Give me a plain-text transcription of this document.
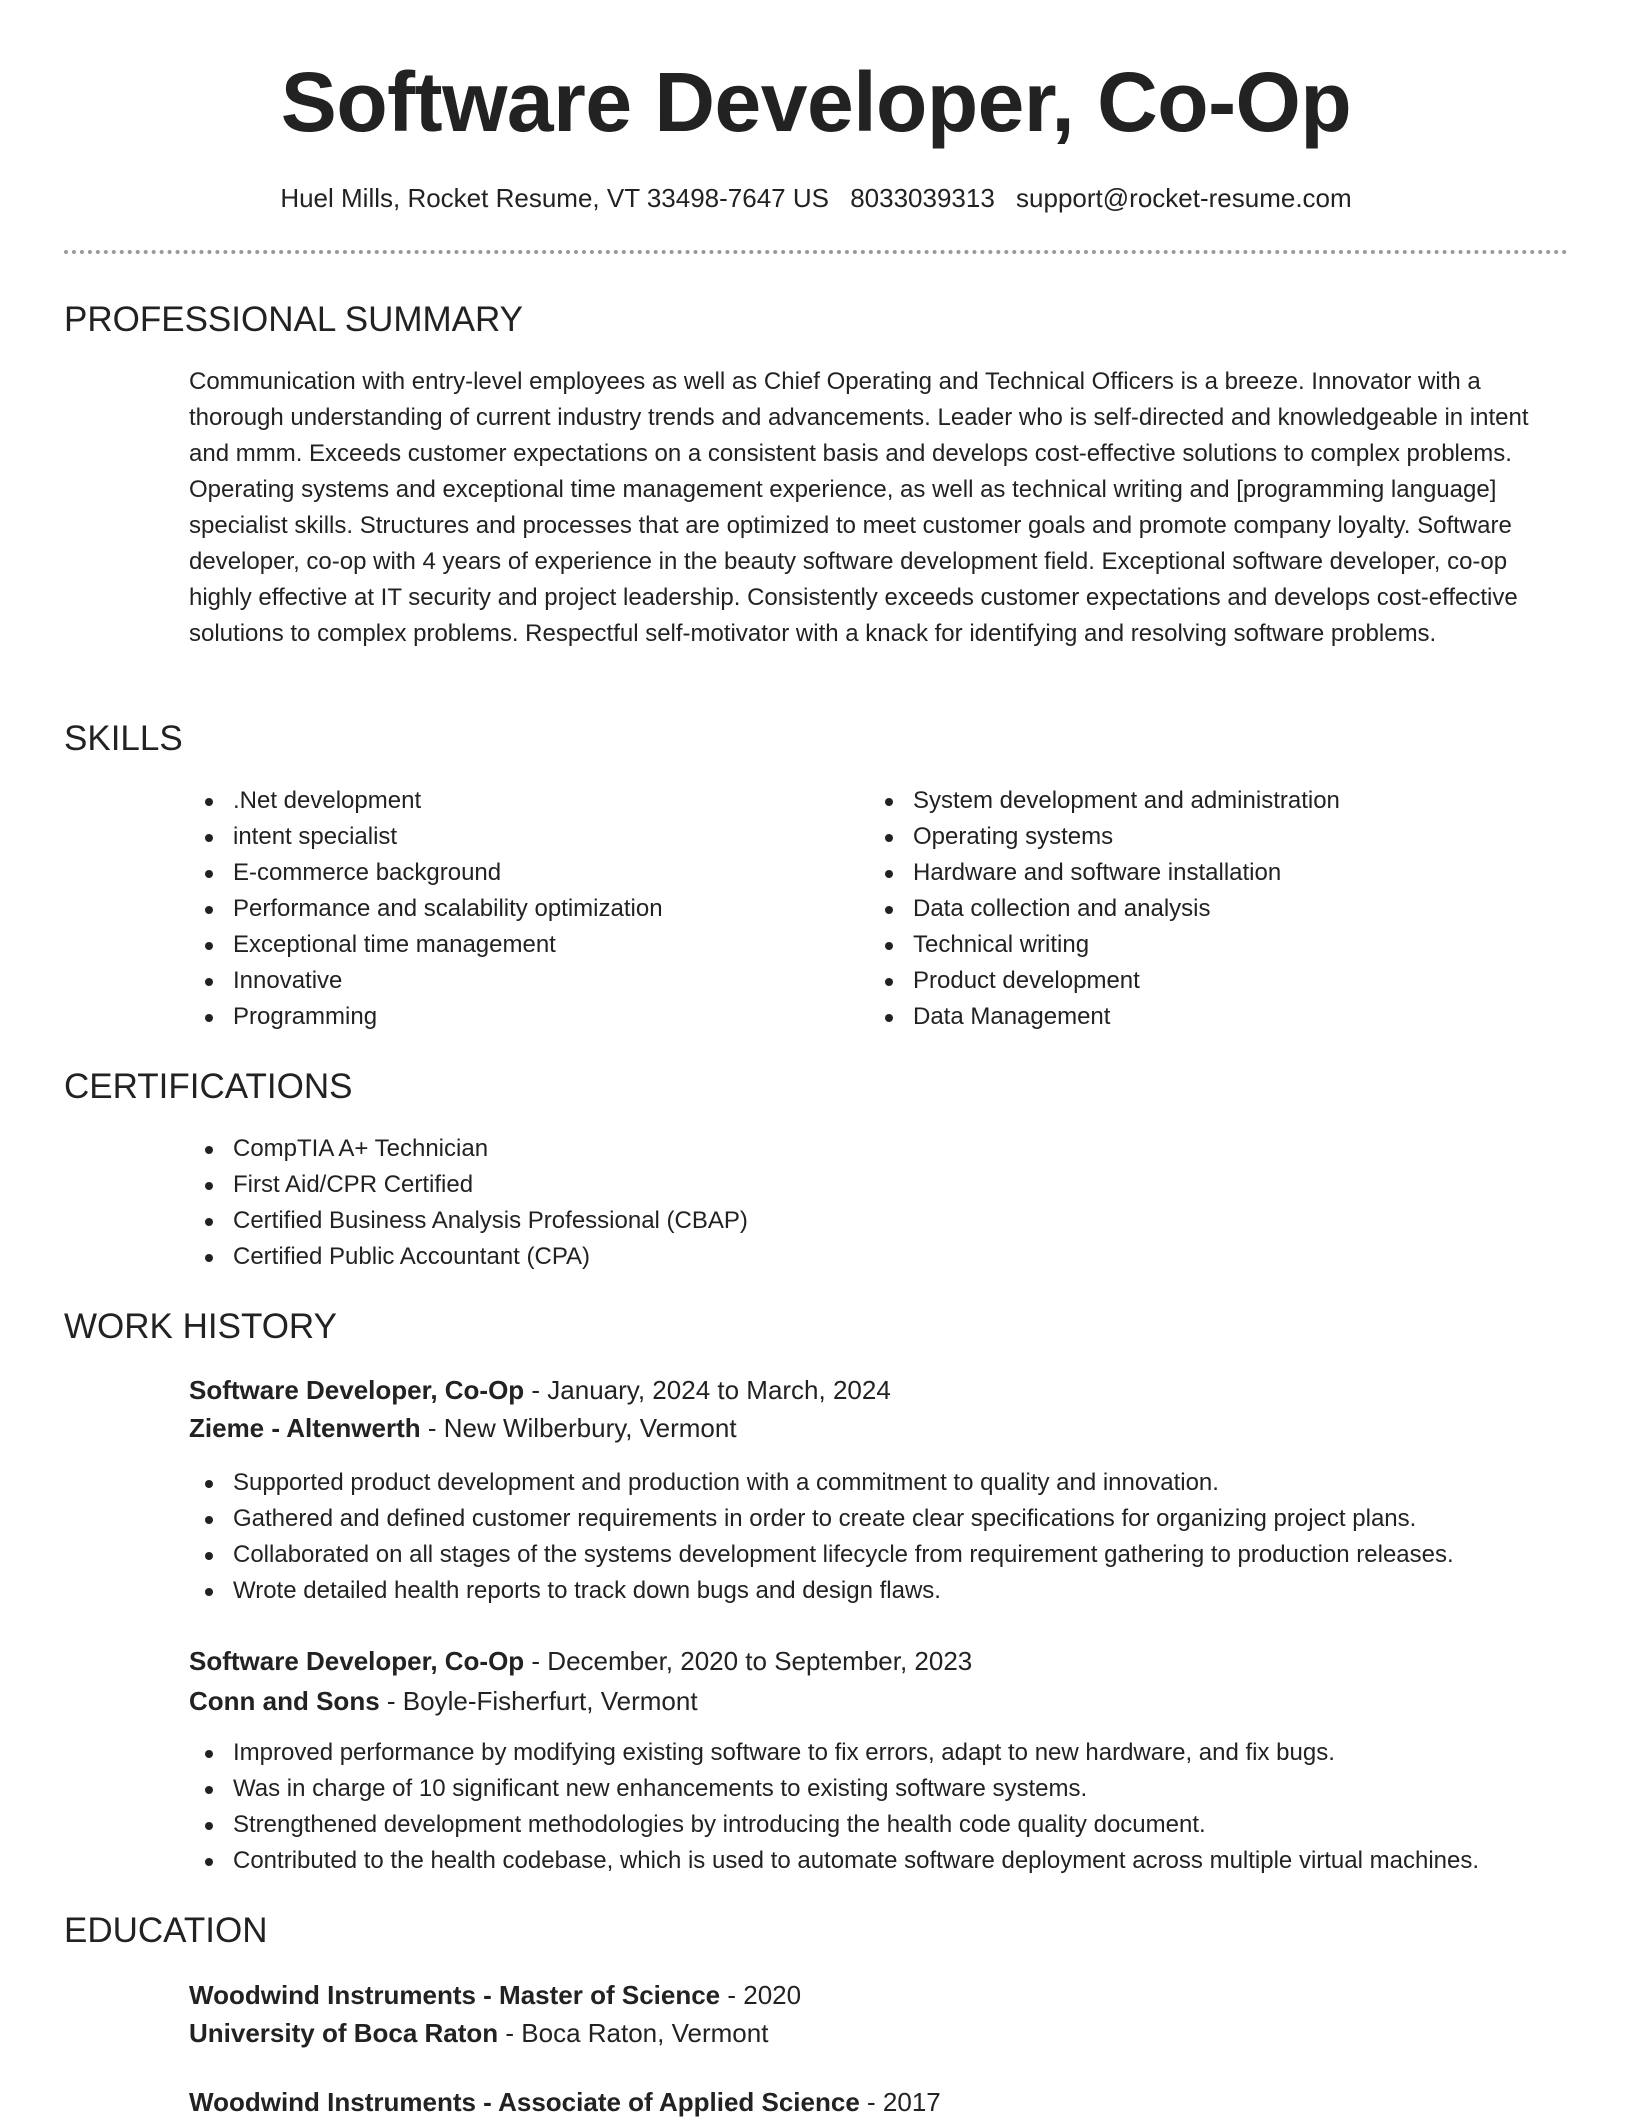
Software Developer, Co-Op
Huel Mills, Rocket Resume, VT 33498-7647 US 8033039313 support@rocket-resume.com
PROFESSIONAL SUMMARY

Communication with entry-level employees as well as Chief Operating and Technical Officers is a breeze. Innovator with a thorough understanding of current industry trends and advancements. Leader who is self-directed and knowledgeable in intent and mmm. Exceeds customer expectations on a consistent basis and develops cost-effective solutions to complex problems. Operating systems and exceptional time management experience, as well as technical writing and [programming language] specialist skills. Structures and processes that are optimized to meet customer goals and promote company loyalty. Software developer, co-op with 4 years of experience in the beauty software development field. Exceptional software developer, co-op highly effective at IT security and project leadership. Consistently exceeds customer expectations and develops cost-effective solutions to complex problems. Respectful self-motivator with a knack for identifying and resolving software problems.

SKILLS
.Net development
intent specialist
E-commerce background
Performance and scalability optimization
Exceptional time management
Innovative
Programming
System development and administration
Operating systems
Hardware and software installation
Data collection and analysis
Technical writing
Product development
Data Management
CERTIFICATIONS
CompTIA A+ Technician
First Aid/CPR Certified
Certified Business Analysis Professional (CBAP)
Certified Public Accountant (CPA)
WORK HISTORY
Software Developer, Co-Op - January, 2024 to March, 2024
Zieme - Altenwerth - New Wilberbury, Vermont
Supported product development and production with a commitment to quality and innovation.
Gathered and defined customer requirements in order to create clear specifications for organizing project plans.
Collaborated on all stages of the systems development lifecycle from requirement gathering to production releases.
Wrote detailed health reports to track down bugs and design flaws.
Software Developer, Co-Op - December, 2020 to September, 2023
Conn and Sons - Boyle-Fisherfurt, Vermont
Improved performance by modifying existing software to fix errors, adapt to new hardware, and fix bugs.
Was in charge of 10 significant new enhancements to existing software systems.
Strengthened development methodologies by introducing the health code quality document.
Contributed to the health codebase, which is used to automate software deployment across multiple virtual machines.
EDUCATION
Woodwind Instruments - Master of Science - 2020
University of Boca Raton - Boca Raton, Vermont
Woodwind Instruments - Associate of Applied Science - 2017
